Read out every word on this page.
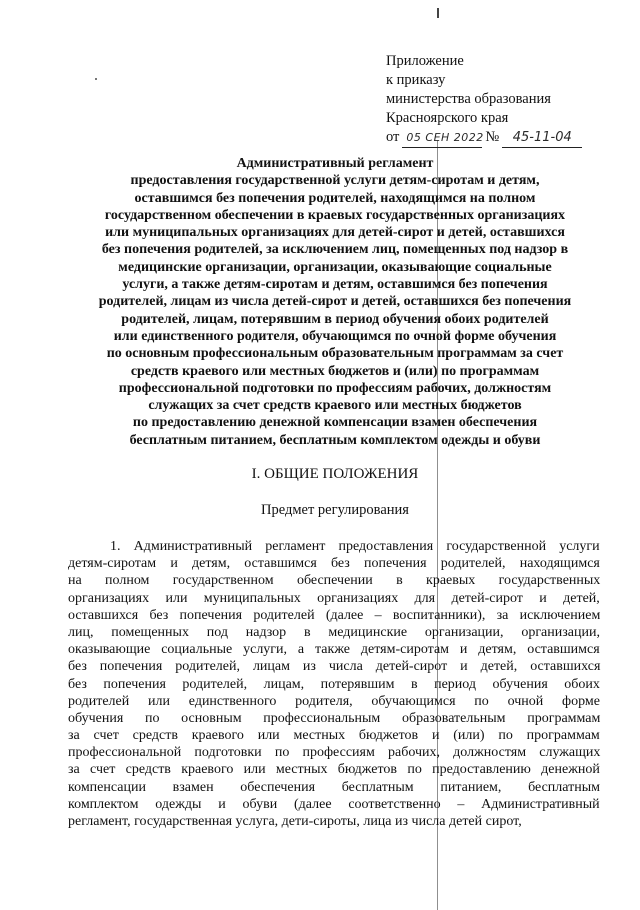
Приложение
к приказу
министерства образования
Красноярского края
от 05 СЕН 2022 №	45-11-04
Административный регламент
предоставления государственной услуги детям-сиротам и детям,
оставшимся без попечения родителей, находящимся на полном
государственном обеспечении в краевых государственных организациях
или муниципальных организациях для детей-сирот и детей, оставшихся
без попечения родителей, за исключением лиц, помещенных под надзор в
медицинские организации, организации, оказывающие социальные
услуги, а также детям-сиротам и детям, оставшимся без попечения
родителей, лицам из числа детей-сирот и детей, оставшихся без попечения
родителей, лицам, потерявшим в период обучения обоих родителей
или единственного родителя, обучающимся по очной форме обучения
по основным профессиональным образовательным программам за счет
средств краевого или местных бюджетов и (или) по программам
профессиональной подготовки по профессиям рабочих, должностям
служащих за счет средств краевого или местных бюджетов
по предоставлению денежной компенсации взамен обеспечения
бесплатным питанием, бесплатным комплектом одежды и обуви
I. ОБЩИЕ ПОЛОЖЕНИЯ
Предмет регулирования
1. Административный регламент предоставления государственной услуги
детям-сиротам и детям, оставшимся без попечения родителей, находящимся
на полном государственном обеспечении в краевых государственных
организациях или муниципальных организациях для детей-сирот и детей,
оставшихся без попечения родителей (далее – воспитанники), за исключением
лиц, помещенных под надзор в медицинские организации, организации,
оказывающие социальные услуги, а также детям-сиротам и детям, оставшимся
без попечения родителей, лицам из числа детей-сирот и детей, оставшихся
без попечения родителей, лицам, потерявшим в период обучения обоих
родителей или единственного родителя, обучающимся по очной форме
обучения по основным профессиональным образовательным программам
за счет средств краевого или местных бюджетов и (или) по программам
профессиональной подготовки по профессиям рабочих, должностям служащих
за счет средств краевого или местных бюджетов по предоставлению денежной
компенсации взамен обеспечения бесплатным питанием, бесплатным
комплектом одежды и обуви (далее соответственно – Административный
регламент, государственная услуга, дети-сироты, лица из числа детей сирот,
